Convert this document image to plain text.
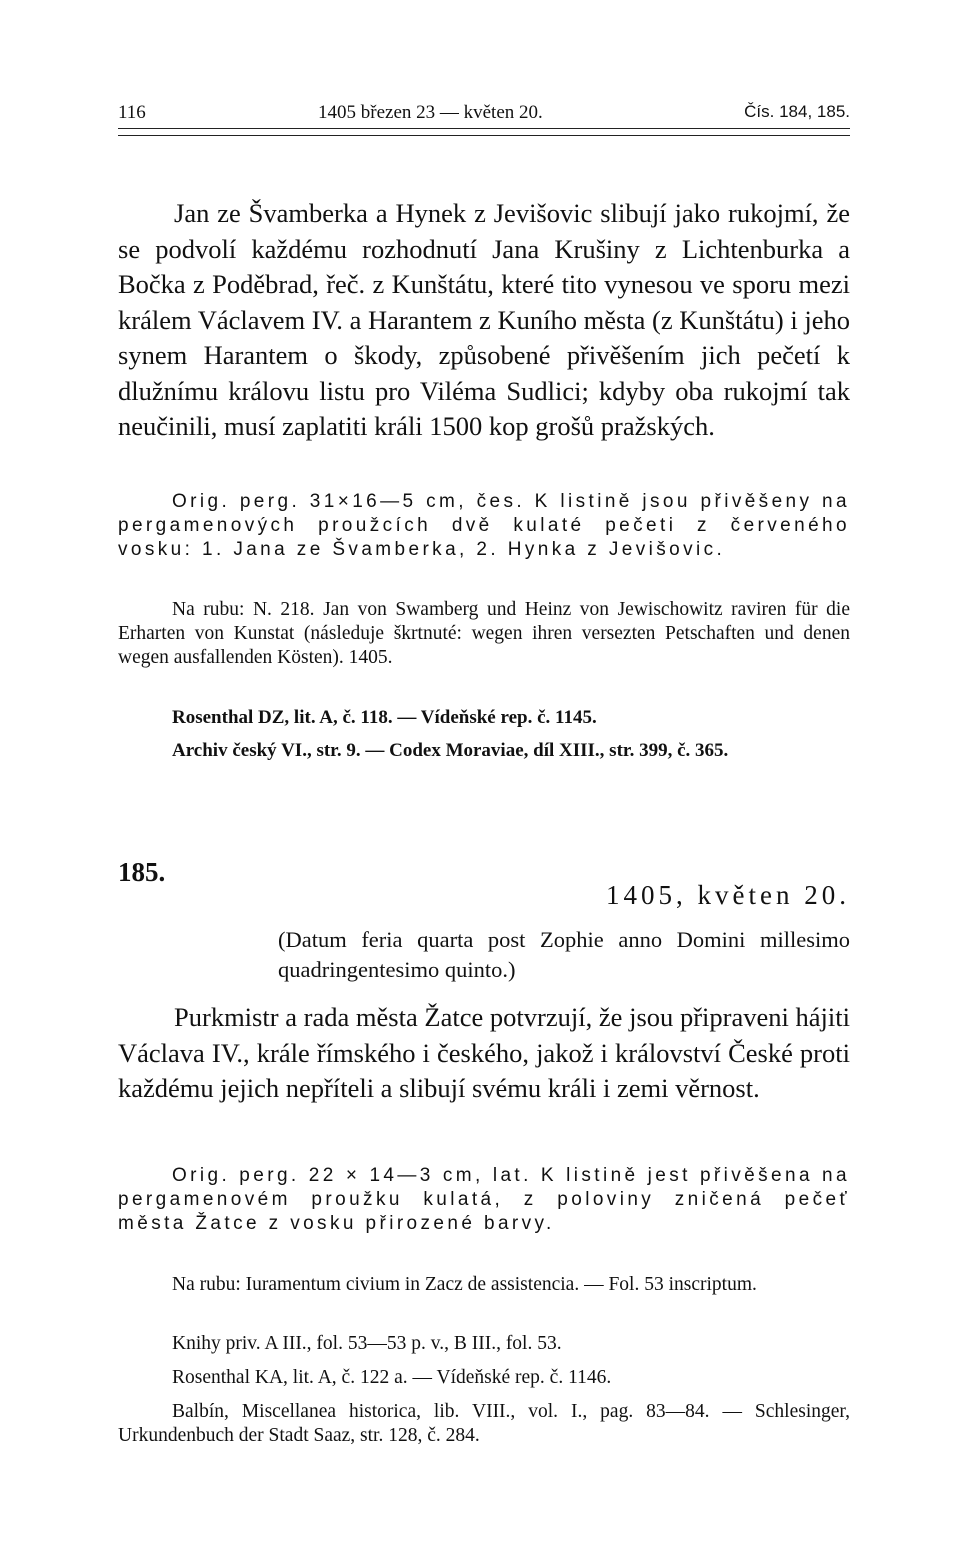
116	1405 březen 23 — květen 20.	Čís. 184, 185.

Jan ze Švamberka a Hynek z Jevišovic slibují jako rukojmí, že se podvolí každému rozhodnutí Jana Krušiny z Lichtenburka a Bočka z Poděbrad, řeč. z Kunštátu, které tito vynesou ve sporu mezi králem Václavem IV. a Harantem z Kuního města (z Kunštátu) i jeho synem Harantem o škody, způsobené přivěšením jich pečetí k dlužnímu královu listu pro Viléma Sudlici; kdyby oba rukojmí tak neučinili, musí zaplatiti králi 1500 kop grošů pražských.

Orig. perg. 31×16—5 cm, čes. K listině jsou přivěšeny na pergamenových proužcích dvě kulaté pečeti z červeného vosku: 1. Jana ze Švamberka, 2. Hynka z Jevišovic.

Na rubu: N. 218. Jan von Swamberg und Heinz von Jewischowitz raviren für die Erharten von Kunstat (následuje škrtnuté: wegen ihren versezten Petschaften und denen wegen ausfallenden Kösten). 1405.

Rosenthal DZ, lit. A, č. 118. — Vídeňské rep. č. 1145.

Archiv český VI., str. 9. — Codex Moraviae, díl XIII., str. 399, č. 365.

185.
1405, květen 20.

(Datum feria quarta post Zophie anno Domini millesimo quadringentesimo quinto.)

Purkmistr a rada města Žatce potvrzují, že jsou připraveni hájiti Václava IV., krále římského i českého, jakož i království České proti každému jejich nepříteli a slibují svému králi i zemi věrnost.

Orig. perg. 22 × 14—3 cm, lat. K listině jest přivěšena na pergamenovém proužku kulatá, z poloviny zničená pečeť města Žatce z vosku přirozené barvy.

Na rubu: Iuramentum civium in Zacz de assistencia. — Fol. 53 inscriptum.

Knihy priv. A III., fol. 53—53 p. v., B III., fol. 53.

Rosenthal KA, lit. A, č. 122 a. — Vídeňské rep. č. 1146.

Balbín, Miscellanea historica, lib. VIII., vol. I., pag. 83—84. — Schlesinger, Urkundenbuch der Stadt Saaz, str. 128, č. 284.
